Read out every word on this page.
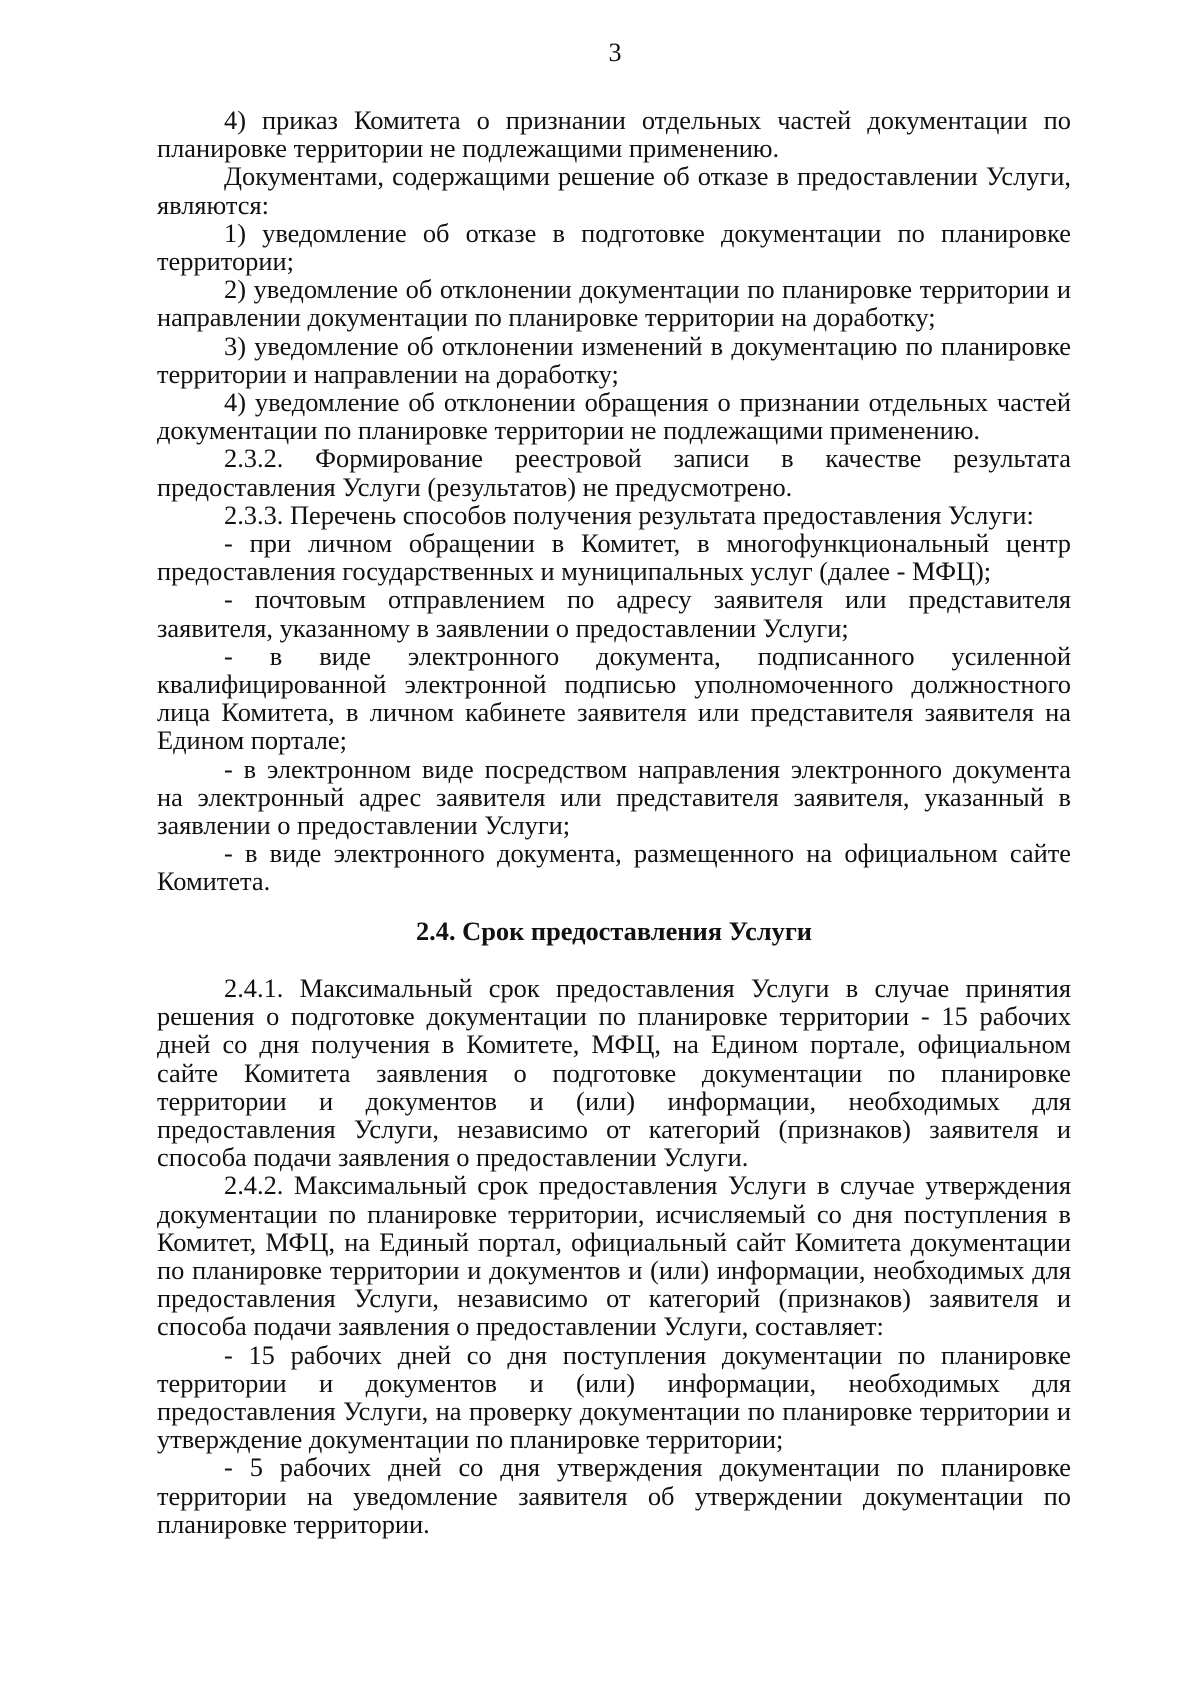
3

4) приказ Комитета о признании отдельных частей документации по планировке территории не подлежащими применению.

Документами, содержащими решение об отказе в предоставлении Услуги, являются:

1) уведомление об отказе в подготовке документации по планировке территории;

2) уведомление об отклонении документации по планировке территории и направлении документации по планировке территории на доработку;

3) уведомление об отклонении изменений в документацию по планировке территории и направлении на доработку;

4) уведомление об отклонении обращения о признании отдельных частей документации по планировке территории не подлежащими применению.

2.3.2. Формирование реестровой записи в качестве результата предоставления Услуги (результатов) не предусмотрено.

2.3.3. Перечень способов получения результата предоставления Услуги:

- при личном обращении в Комитет, в многофункциональный центр предоставления государственных и муниципальных услуг (далее - МФЦ);

- почтовым отправлением по адресу заявителя или представителя заявителя, указанному в заявлении о предоставлении Услуги;

- в виде электронного документа, подписанного усиленной квалифицированной электронной подписью уполномоченного должностного лица Комитета, в личном кабинете заявителя или представителя заявителя на Едином портале;

- в электронном виде посредством направления электронного документа на электронный адрес заявителя или представителя заявителя, указанный в заявлении о предоставлении Услуги;

- в виде электронного документа, размещенного на официальном сайте Комитета.

2.4. Срок предоставления Услуги

2.4.1. Максимальный срок предоставления Услуги в случае принятия решения о подготовке документации по планировке территории - 15 рабочих дней со дня получения в Комитете, МФЦ, на Едином портале, официальном сайте Комитета заявления о подготовке документации по планировке территории и документов и (или) информации, необходимых для предоставления Услуги, независимо от категорий (признаков) заявителя и способа подачи заявления о предоставлении Услуги.

2.4.2. Максимальный срок предоставления Услуги в случае утверждения документации по планировке территории, исчисляемый со дня поступления в Комитет, МФЦ, на Единый портал, официальный сайт Комитета документации по планировке территории и документов и (или) информации, необходимых для предоставления Услуги, независимо от категорий (признаков) заявителя и способа подачи заявления о предоставлении Услуги, составляет:

- 15 рабочих дней со дня поступления документации по планировке территории и документов и (или) информации, необходимых для предоставления Услуги, на проверку документации по планировке территории и утверждение документации по планировке территории;

- 5 рабочих дней со дня утверждения документации по планировке территории на уведомление заявителя об утверждении документации по планировке территории.
